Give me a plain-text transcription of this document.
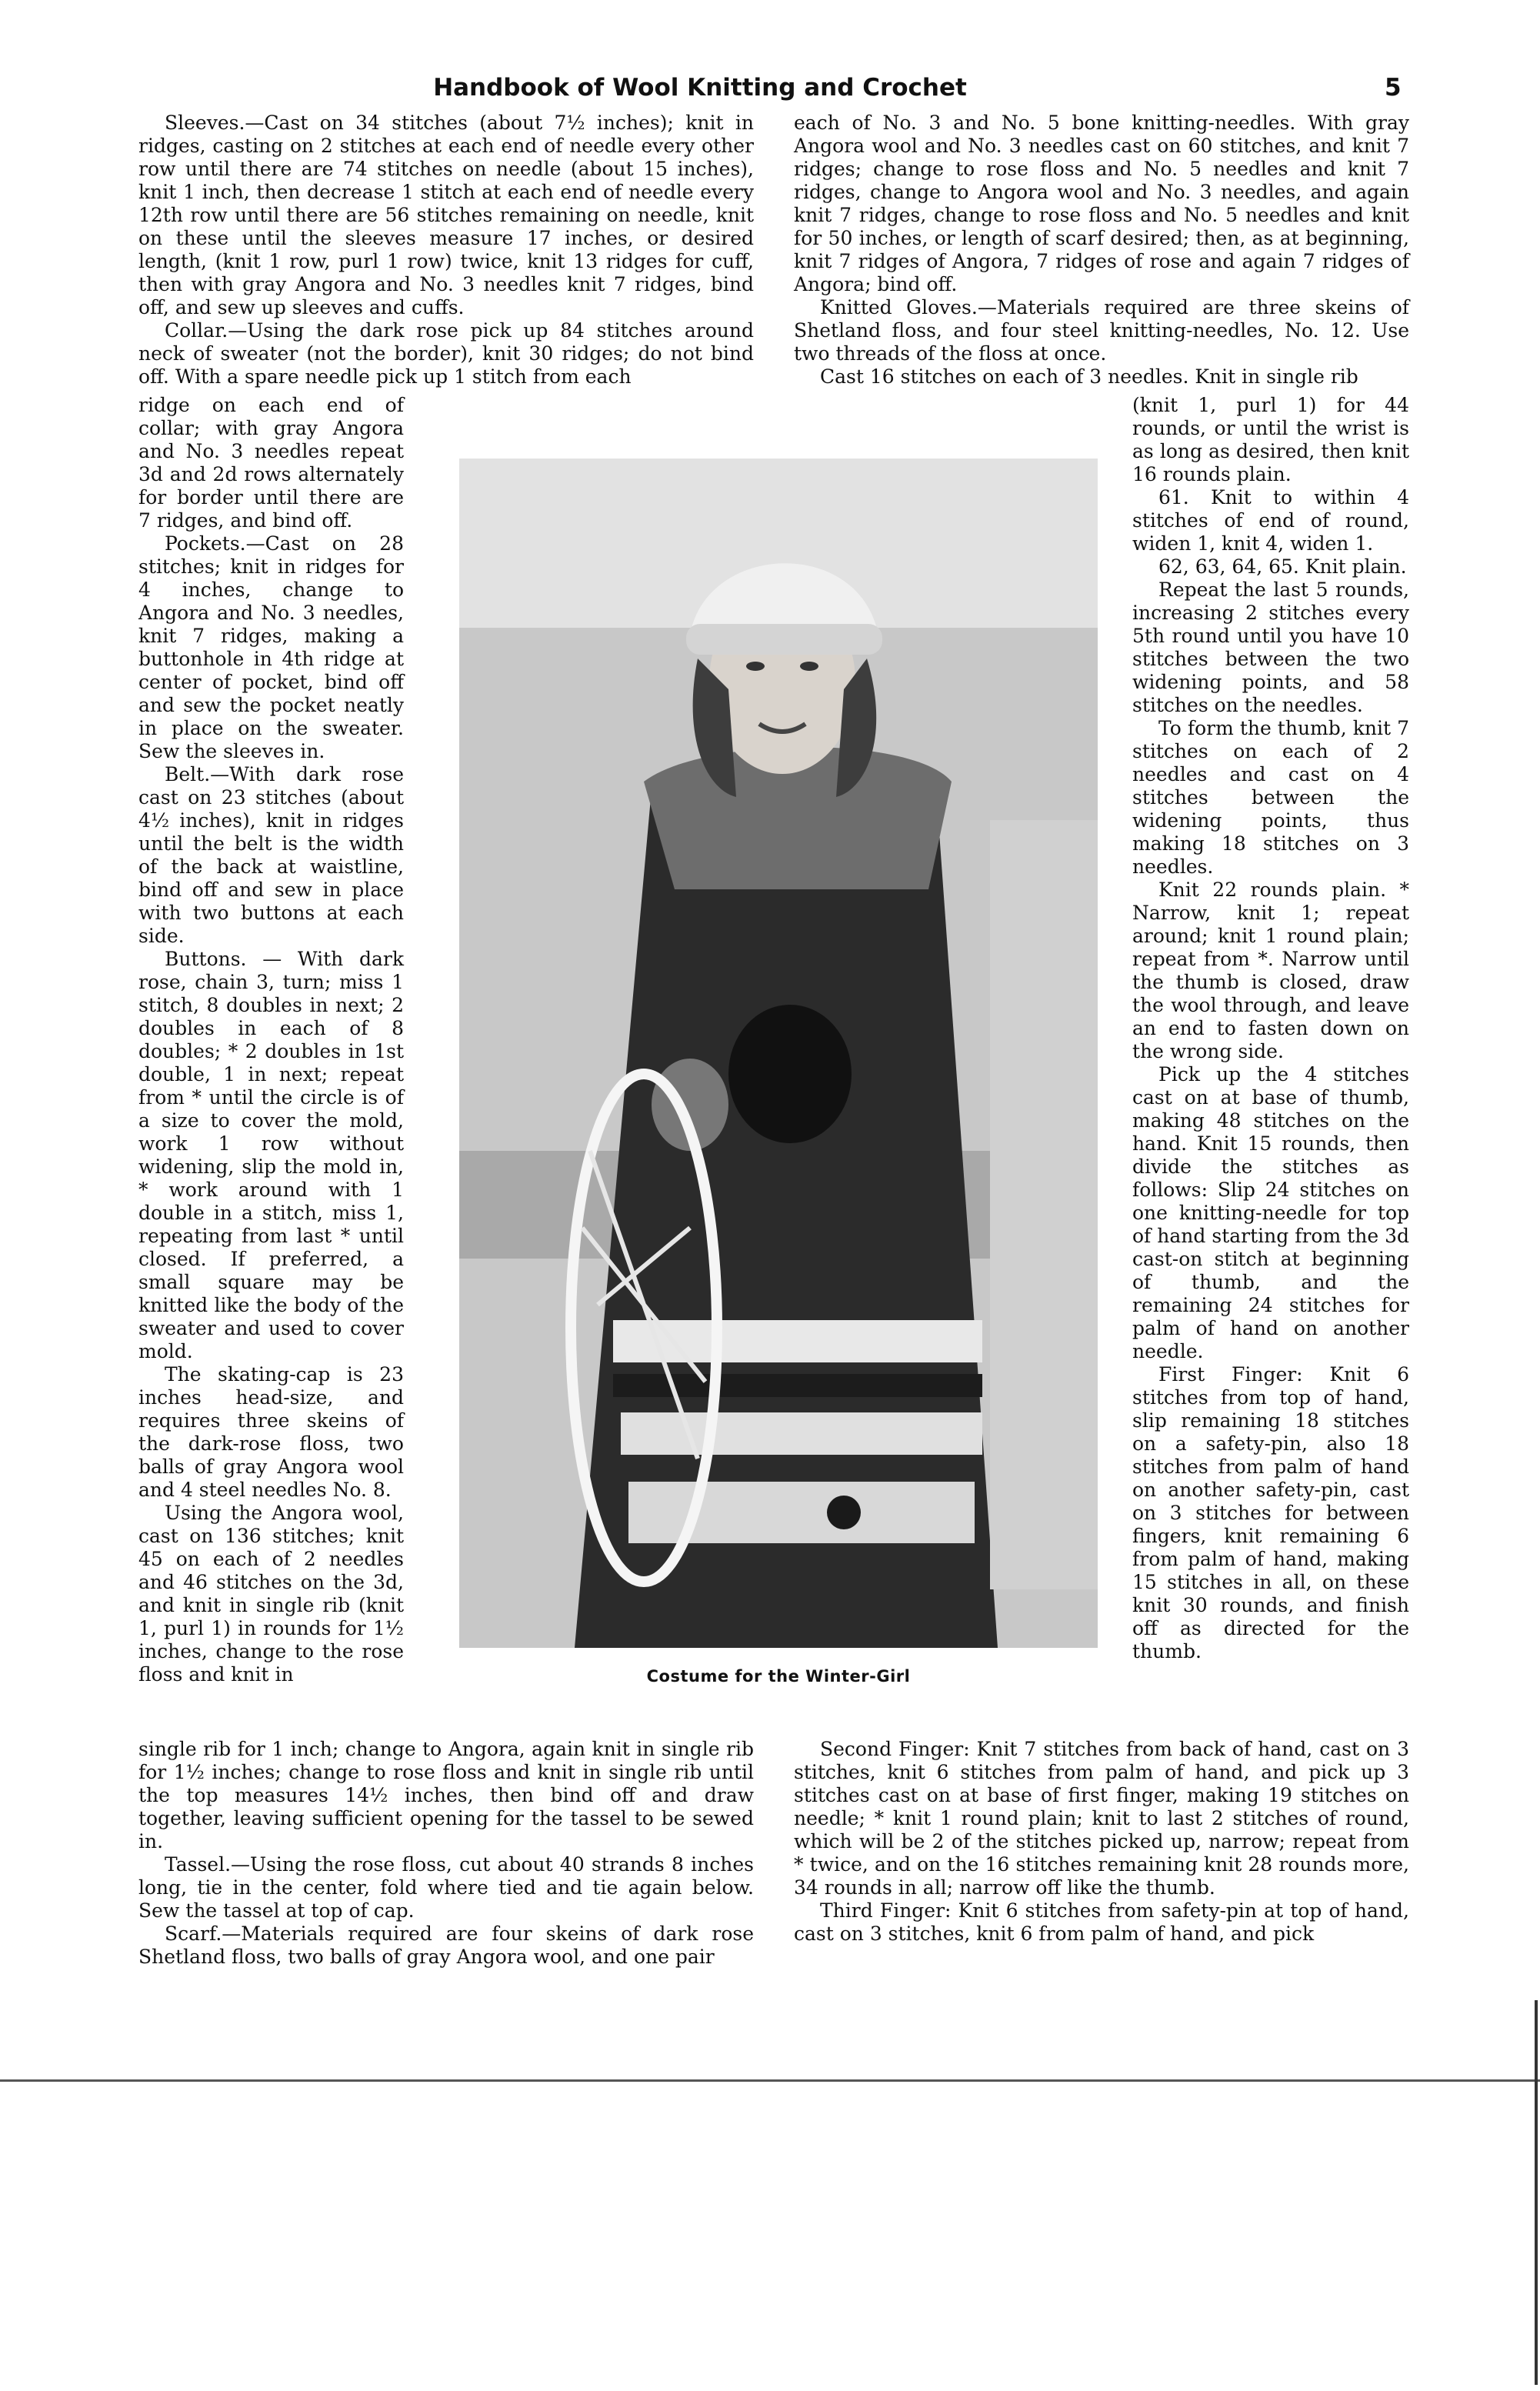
Handbook of Wool Knitting and Crochet	5

Sleeves.—Cast on 34 stitches (about 7½ inches); knit in ridges, casting on 2 stitches at each end of needle every other row until there are 74 stitches on needle (about 15 inches), knit 1 inch, then decrease 1 stitch at each end of needle every 12th row until there are 56 stitches remaining on needle, knit on these until the sleeves measure 17 inches, or desired length, (knit 1 row, purl 1 row) twice, knit 13 ridges for cuff, then with gray Angora and No. 3 needles knit 7 ridges, bind off, and sew up sleeves and cuffs.

Collar.—Using the dark rose pick up 84 stitches around neck of sweater (not the border), knit 30 ridges; do not bind off. With a spare needle pick up 1 stitch from each

ridge on each end of collar; with gray Angora and No. 3 needles repeat 3d and 2d rows alternately for border until there are 7 ridges, and bind off.

Pockets.—Cast on 28 stitches; knit in ridges for 4 inches, change to Angora and No. 3 needles, knit 7 ridges, making a buttonhole in 4th ridge at center of pocket, bind off and sew the pocket neatly in place on the sweater. Sew the sleeves in.

Belt.—With dark rose cast on 23 stitches (about 4½ inches), knit in ridges until the belt is the width of the back at waistline, bind off and sew in place with two buttons at each side.

Buttons. — With dark rose, chain 3, turn; miss 1 stitch, 8 doubles in next; 2 doubles in each of 8 doubles; * 2 doubles in 1st double, 1 in next; repeat from * until the circle is of a size to cover the mold, work 1 row without widening, slip the mold in, * work around with 1 double in a stitch, miss 1, repeating from last * until closed. If preferred, a small square may be knitted like the body of the sweater and used to cover mold.

The skating-cap is 23 inches head-size, and requires three skeins of the dark-rose floss, two balls of gray Angora wool and 4 steel needles No. 8.

Using the Angora wool, cast on 136 stitches; knit 45 on each of 2 needles and 46 stitches on the 3d, and knit in single rib (knit 1, purl 1) in rounds for 1½ inches, change to the rose floss and knit in

single rib for 1 inch; change to Angora, again knit in single rib for 1½ inches; change to rose floss and knit in single rib until the top measures 14½ inches, then bind off and draw together, leaving sufficient opening for the tassel to be sewed in.

Tassel.—Using the rose floss, cut about 40 strands 8 inches long, tie in the center, fold where tied and tie again below. Sew the tassel at top of cap.

Scarf.—Materials required are four skeins of dark rose Shetland floss, two balls of gray Angora wool, and one pair

each of No. 3 and No. 5 bone knitting-needles. With gray Angora wool and No. 3 needles cast on 60 stitches, and knit 7 ridges; change to rose floss and No. 5 needles and knit 7 ridges, change to Angora wool and No. 3 needles, and again knit 7 ridges, change to rose floss and No. 5 needles and knit for 50 inches, or length of scarf desired; then, as at beginning, knit 7 ridges of Angora, 7 ridges of rose and again 7 ridges of Angora; bind off.

Knitted Gloves.—Materials required are three skeins of Shetland floss, and four steel knitting-needles, No. 12. Use two threads of the floss at once.

Cast 16 stitches on each of 3 needles. Knit in single rib

(knit 1, purl 1) for 44 rounds, or until the wrist is as long as desired, then knit 16 rounds plain.

61. Knit to within 4 stitches of end of round, widen 1, knit 4, widen 1.

62, 63, 64, 65. Knit plain.

Repeat the last 5 rounds, increasing 2 stitches every 5th round until you have 10 stitches between the two widening points, and 58 stitches on the needles.

To form the thumb, knit 7 stitches on each of 2 needles and cast on 4 stitches between the widening points, thus making 18 stitches on 3 needles.

Knit 22 rounds plain. * Narrow, knit 1; repeat around; knit 1 round plain; repeat from *. Narrow until the thumb is closed, draw the wool through, and leave an end to fasten down on the wrong side.

Pick up the 4 stitches cast on at base of thumb, making 48 stitches on the hand. Knit 15 rounds, then divide the stitches as follows: Slip 24 stitches on one knitting-needle for top of hand starting from the 3d cast-on stitch at beginning of thumb, and the remaining 24 stitches for palm of hand on another needle.

First Finger: Knit 6 stitches from top of hand, slip remaining 18 stitches on a safety-pin, also 18 stitches from palm of hand on another safety-pin, cast on 3 stitches for between fingers, knit remaining 6 from palm of hand, making 15 stitches in all, on these knit 30 rounds, and finish off as directed for the thumb.

Second Finger: Knit 7 stitches from back of hand, cast on 3 stitches, knit 6 stitches from palm of hand, and pick up 3 stitches cast on at base of first finger, making 19 stitches on needle; * knit 1 round plain; knit to last 2 stitches of round, which will be 2 of the stitches picked up, narrow; repeat from * twice, and on the 16 stitches remaining knit 28 rounds more, 34 rounds in all; narrow off like the thumb.

Third Finger: Knit 6 stitches from safety-pin at top of hand, cast on 3 stitches, knit 6 from palm of hand, and pick

Costume for the Winter-Girl
